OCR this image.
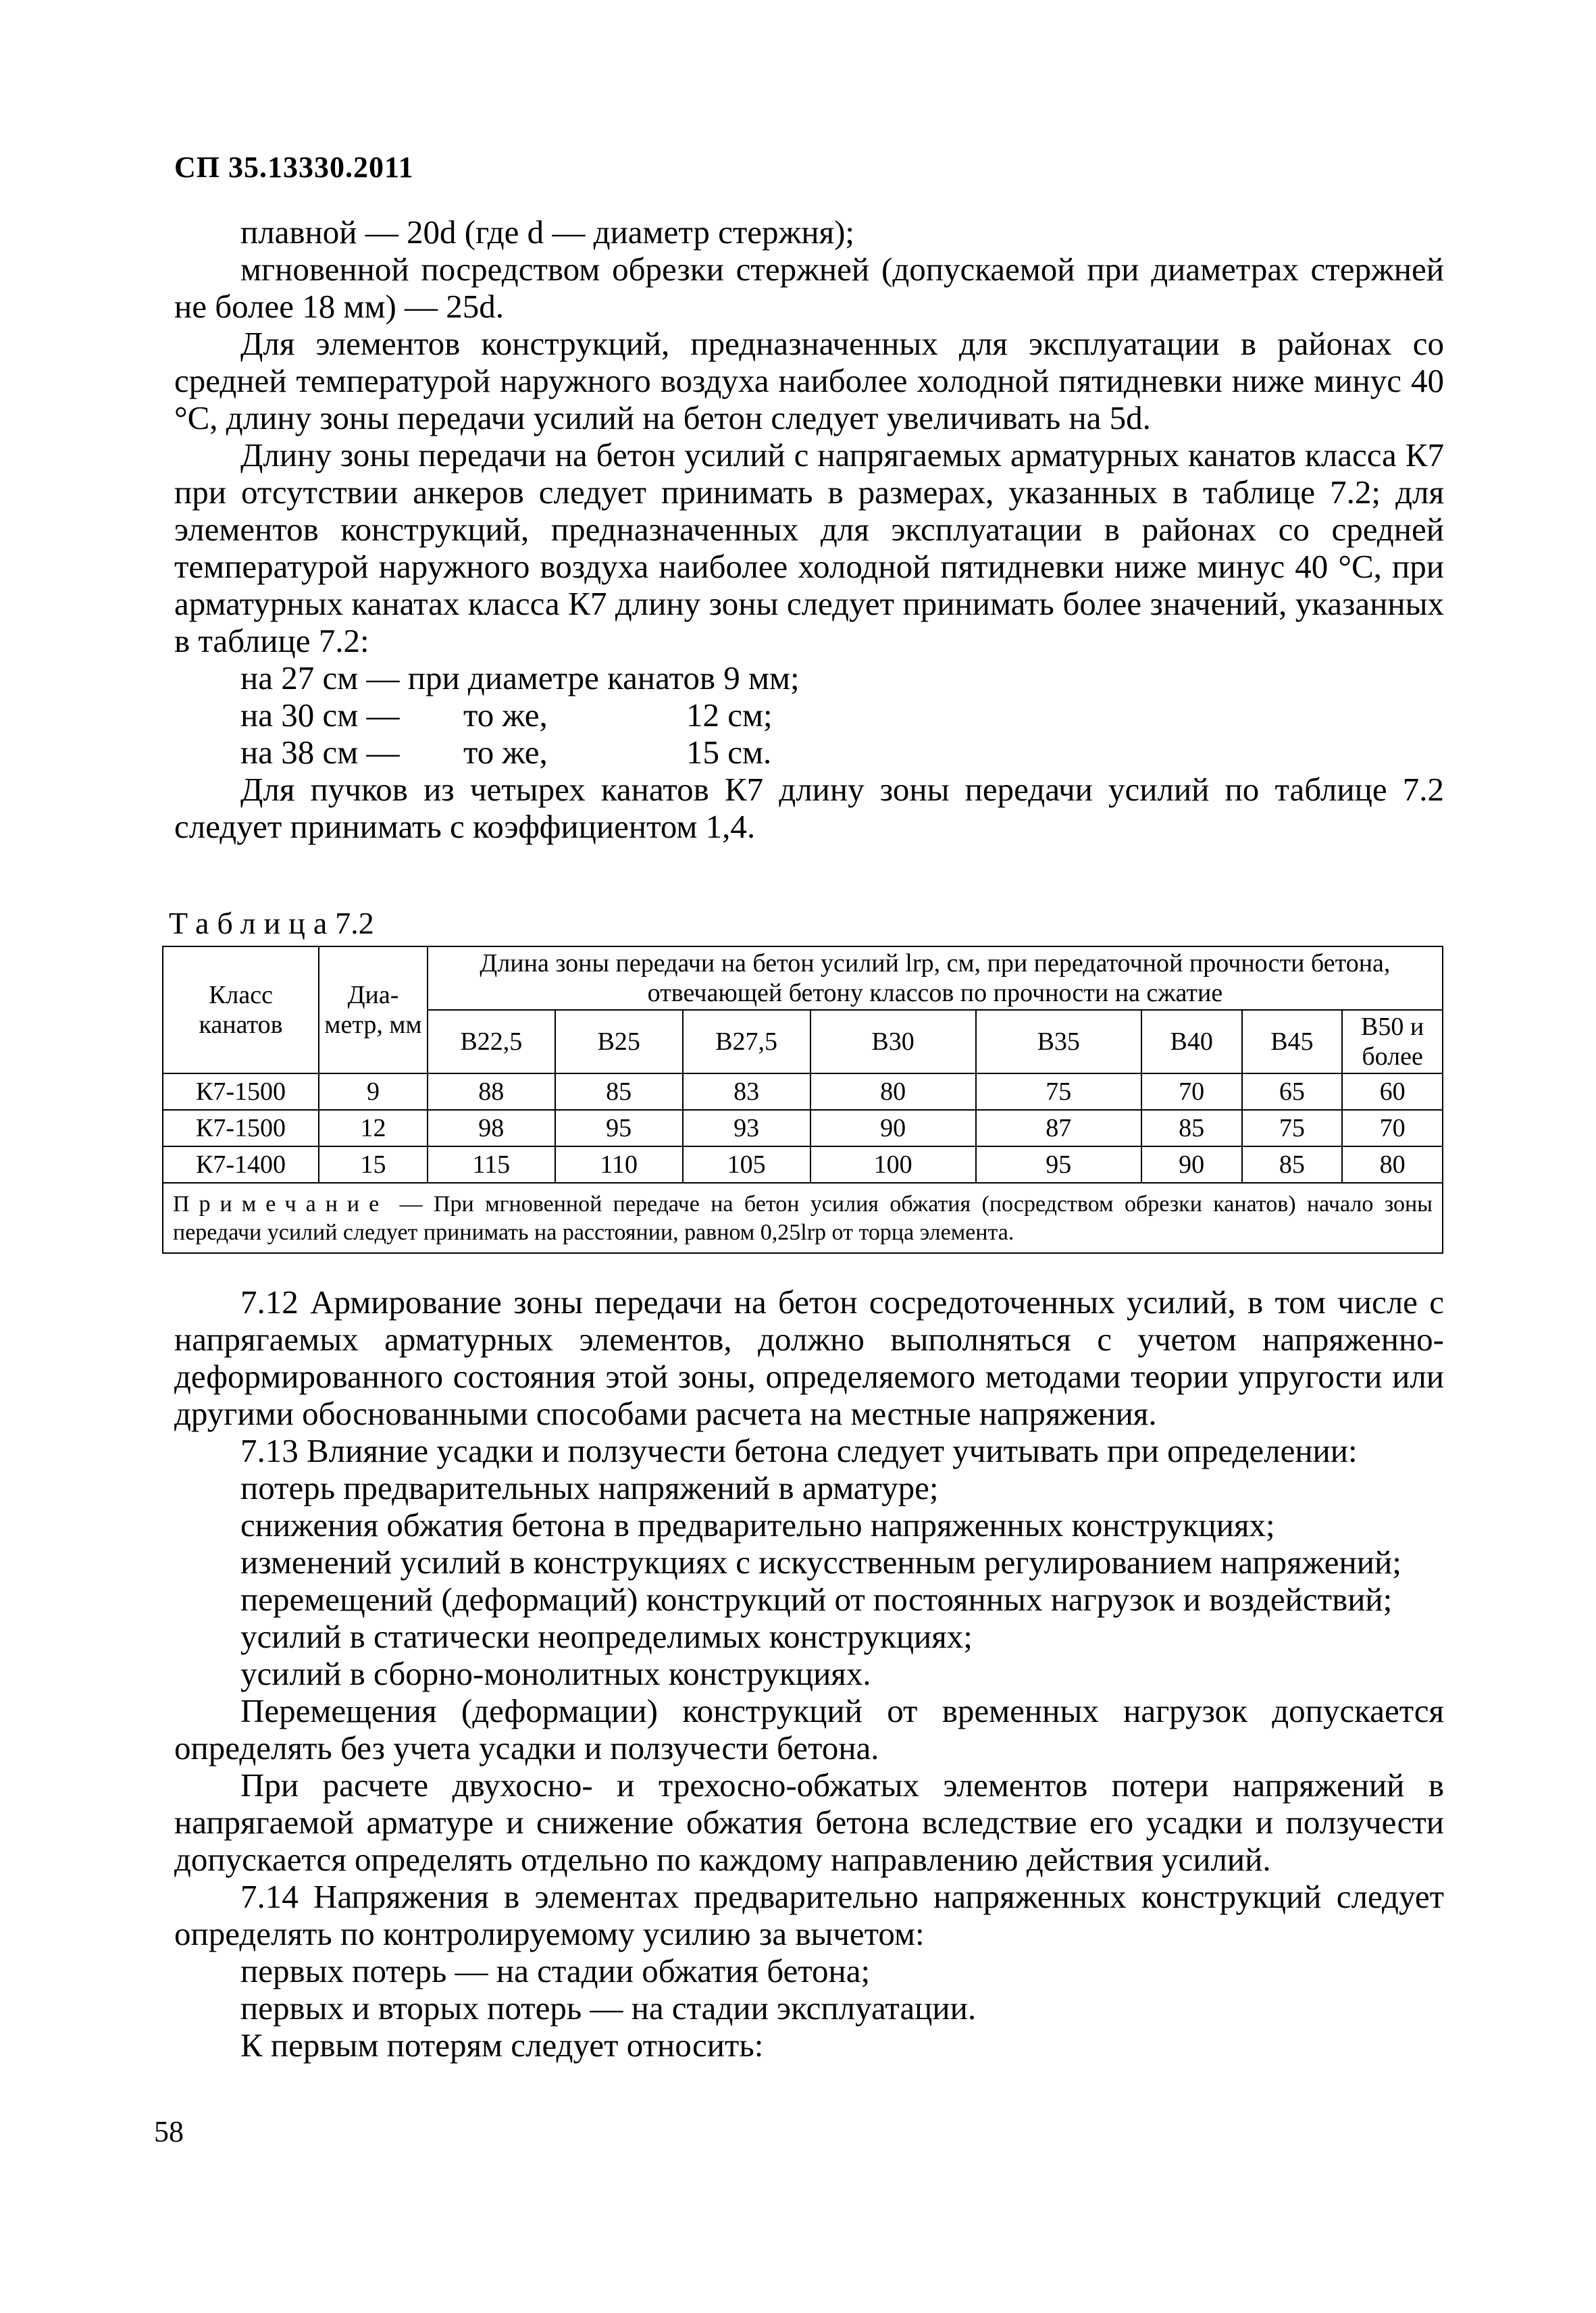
СП 35.13330.2011

плавной — 20d (где d — диаметр стержня);

мгновенной посредством обрезки стержней (допускаемой при диаметрах стержней не более 18 мм) — 25d.

Для элементов конструкций, предназначенных для эксплуатации в районах со средней температурой наружного воздуха наиболее холодной пятидневки ниже минус 40 °С, длину зоны передачи усилий на бетон следует увеличивать на 5d.

Длину зоны передачи на бетон усилий с напрягаемых арматурных канатов класса К7 при отсутствии анкеров следует принимать в размерах, указанных в таблице 7.2; для элементов конструкций, предназначенных для эксплуатации в районах со средней температурой наружного воздуха наиболее холодной пятидневки ниже минус 40 °С, при арматурных канатах класса К7 длину зоны следует принимать более значений, указанных в таблице 7.2:

на 27 см — при диаметре канатов 9 мм;

на 30 см — то же,	12 см;

на 38 см — то же,	15 см.

Для пучков из четырех канатов К7 длину зоны передачи усилий по таблице 7.2 следует принимать с коэффициентом 1,4.

Таблица7.2
Класс канатов	Диа-метр, мм	Длина зоны передачи на бетон усилий lrp, см, при передаточной прочности бетона, отвечающей бетону классов по прочности на сжатие							
		В22,5	В25	В27,5	В30	В35	В40	В45	В50 и более
К7-1500	9	88	85	83	80	75	70	65	60
К7-1500	12	98	95	93	90	87	85	75	70
К7-1400	15	115	110	105	100	95	90	85	80
Примечание — При мгновенной передаче на бетон усилия обжатия (посредством обрезки канатов) начало зоны передачи усилий следует принимать на расстоянии, равном 0,25lrp от торца элемента.									

7.12 Армирование зоны передачи на бетон сосредоточенных усилий, в том числе с напрягаемых арматурных элементов, должно выполняться с учетом напряженно-деформированного состояния этой зоны, определяемого методами теории упругости или другими обоснованными способами расчета на местные напряжения.

7.13 Влияние усадки и ползучести бетона следует учитывать при определении:

потерь предварительных напряжений в арматуре;

снижения обжатия бетона в предварительно напряженных конструкциях;

изменений усилий в конструкциях с искусственным регулированием напряжений;

перемещений (деформаций) конструкций от постоянных нагрузок и воздействий;

усилий в статически неопределимых конструкциях;

усилий в сборно-монолитных конструкциях.

Перемещения (деформации) конструкций от временных нагрузок допускается определять без учета усадки и ползучести бетона.

При расчете двухосно- и трехосно-обжатых элементов потери напряжений в напрягаемой арматуре и снижение обжатия бетона вследствие его усадки и ползучести допускается определять отдельно по каждому направлению действия усилий.

7.14 Напряжения в элементах предварительно напряженных конструкций следует определять по контролируемому усилию за вычетом:

первых потерь — на стадии обжатия бетона;

первых и вторых потерь — на стадии эксплуатации.

К первым потерям следует относить:

58
